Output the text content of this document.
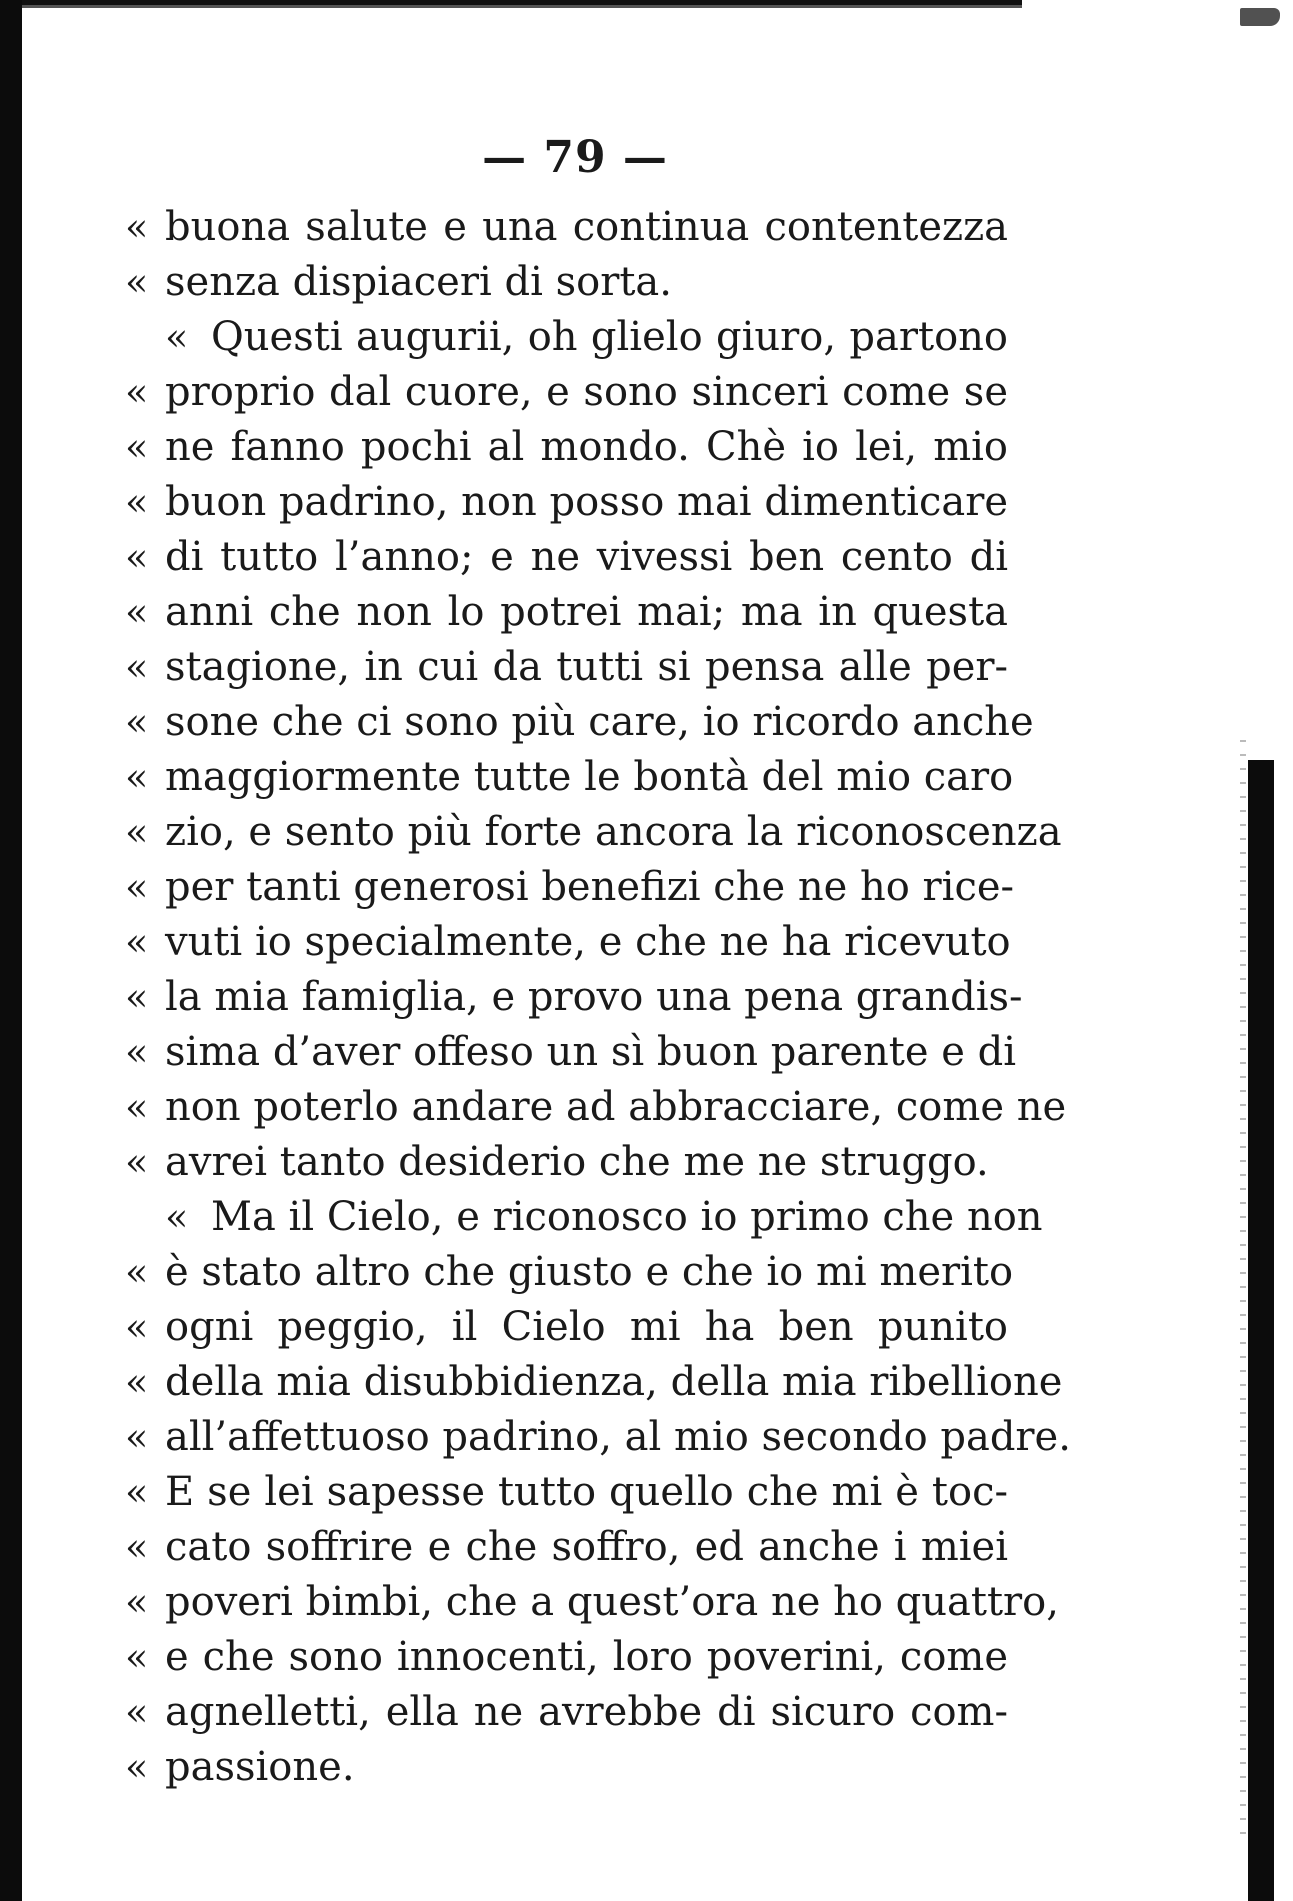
— 79 —
« buona salute e una continua contentezza
« senza dispiaceri di sorta.
« Questi augurii, oh glielo giuro, partono
« proprio dal cuore, e sono sinceri come se
« ne fanno pochi al mondo. Chè io lei, mio
« buon padrino, non posso mai dimenticare
« di tutto l’anno; e ne vivessi ben cento di
« anni che non lo potrei mai; ma in questa
« stagione, in cui da tutti si pensa alle per-
« sone che ci sono più care, io ricordo anche
« maggiormente tutte le bontà del mio caro
« zio, e sento più forte ancora la riconoscenza
« per tanti generosi benefizi che ne ho rice-
« vuti io specialmente, e che ne ha ricevuto
« la mia famiglia, e provo una pena grandis-
« sima d’aver offeso un sì buon parente e di
« non poterlo andare ad abbracciare, come ne
« avrei tanto desiderio che me ne struggo.
« Ma il Cielo, e riconosco io primo che non
« è stato altro che giusto e che io mi merito
« ogni peggio, il Cielo mi ha ben punito
« della mia disubbidienza, della mia ribellione
« all’affettuoso padrino, al mio secondo padre.
« E se lei sapesse tutto quello che mi è toc-
« cato soffrire e che soffro, ed anche i miei
« poveri bimbi, che a quest’ora ne ho quattro,
« e che sono innocenti, loro poverini, come
« agnelletti, ella ne avrebbe di sicuro com-
« passione.
